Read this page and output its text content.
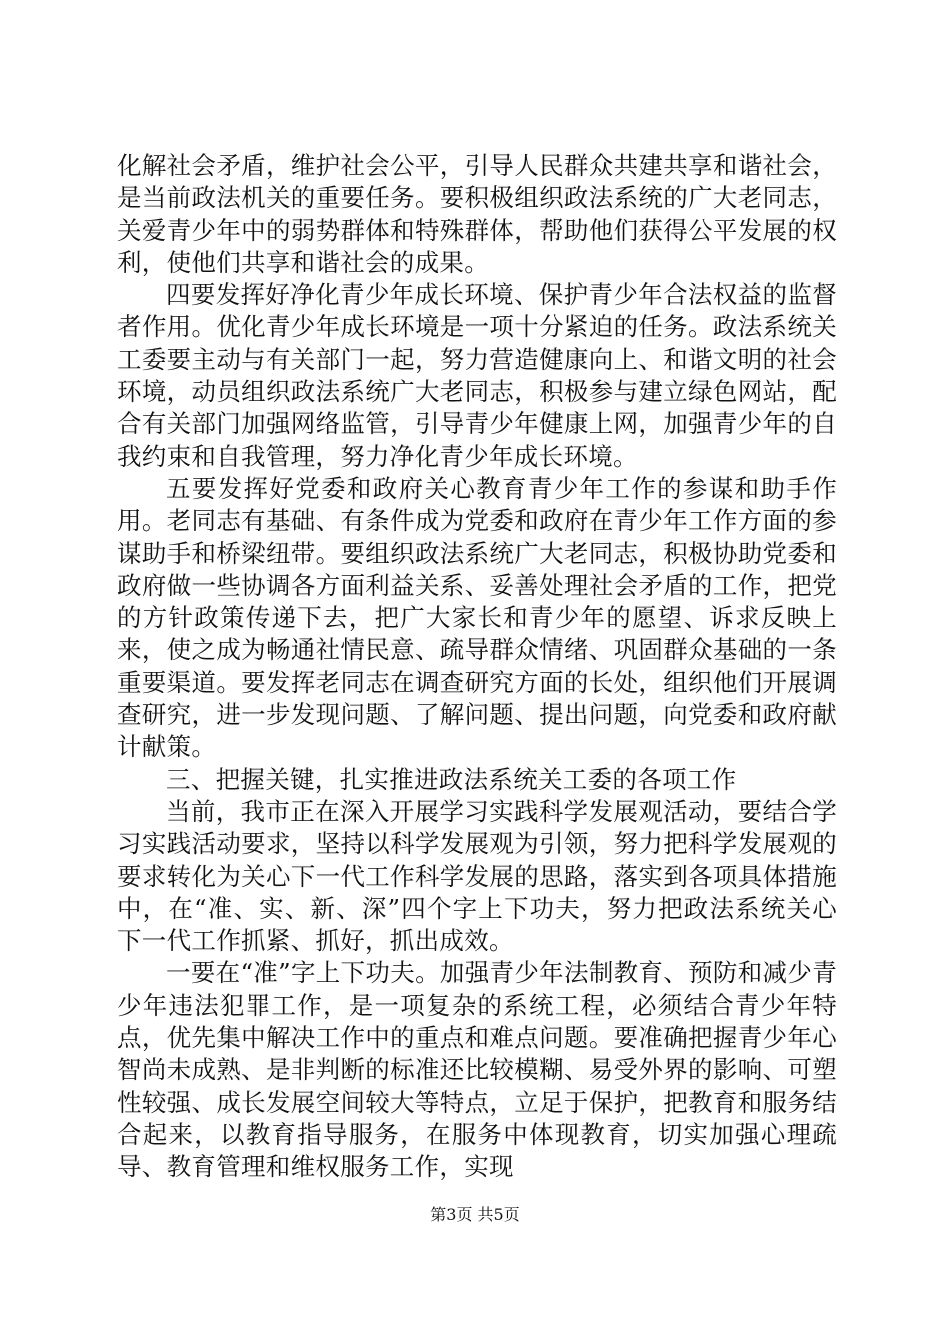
化解社会矛盾，维护社会公平，引导人民群众共建共享和谐社会，是当前政法机关的重要任务。要积极组织政法系统的广大老同志，关爱青少年中的弱势群体和特殊群体，帮助他们获得公平发展的权利，使他们共享和谐社会的成果。

四要发挥好净化青少年成长环境、保护青少年合法权益的监督者作用。优化青少年成长环境是一项十分紧迫的任务。政法系统关工委要主动与有关部门一起，努力营造健康向上、和谐文明的社会环境，动员组织政法系统广大老同志，积极参与建立绿色网站，配合有关部门加强网络监管，引导青少年健康上网，加强青少年的自我约束和自我管理，努力净化青少年成长环境。

五要发挥好党委和政府关心教育青少年工作的参谋和助手作用。老同志有基础、有条件成为党委和政府在青少年工作方面的参谋助手和桥梁纽带。要组织政法系统广大老同志，积极协助党委和政府做一些协调各方面利益关系、妥善处理社会矛盾的工作，把党的方针政策传递下去，把广大家长和青少年的愿望、诉求反映上来，使之成为畅通社情民意、疏导群众情绪、巩固群众基础的一条重要渠道。要发挥老同志在调查研究方面的长处，组织他们开展调查研究，进一步发现问题、了解问题、提出问题，向党委和政府献计献策。

三、把握关键，扎实推进政法系统关工委的各项工作

当前，我市正在深入开展学习实践科学发展观活动，要结合学习实践活动要求，坚持以科学发展观为引领，努力把科学发展观的要求转化为关心下一代工作科学发展的思路，落实到各项具体措施中，在“准、实、新、深”四个字上下功夫，努力把政法系统关心下一代工作抓紧、抓好，抓出成效。

一要在“准”字上下功夫。加强青少年法制教育、预防和减少青少年违法犯罪工作，是一项复杂的系统工程，必须结合青少年特点，优先集中解决工作中的重点和难点问题。要准确把握青少年心智尚未成熟、是非判断的标准还比较模糊、易受外界的影响、可塑性较强、成长发展空间较大等特点，立足于保护，把教育和服务结合起来，以教育指导服务，在服务中体现教育，切实加强心理疏导、教育管理和维权服务工作，实现

第3页 共5页
